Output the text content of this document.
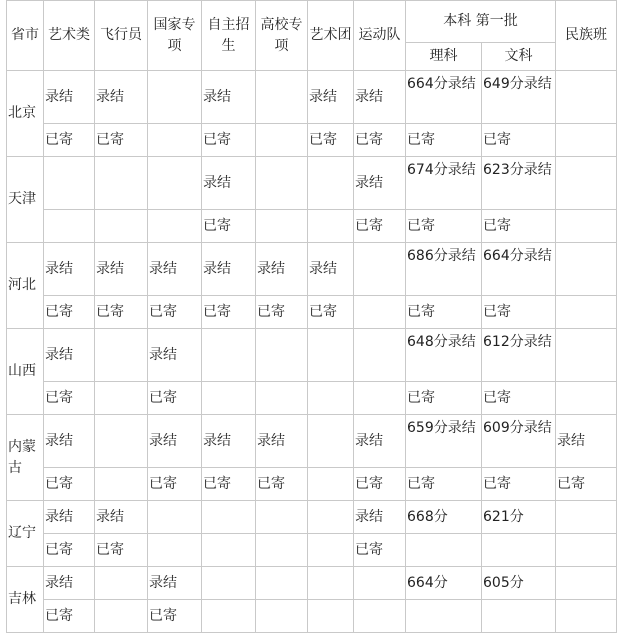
省市	艺术类	飞行员	国家专项	自主招生	高校专项	艺术团	运动队	本科 第一批		民族班
								理科	文科	
北京	录结	录结		录结		录结	录结	664分录结	649分录结	
	已寄	已寄		已寄		已寄	已寄	已寄	已寄	
天津				录结			录结	674分录结	623分录结	
				已寄			已寄	已寄	已寄	
河北	录结	录结	录结	录结	录结	录结		686分录结	664分录结	
	已寄	已寄	已寄	已寄	已寄	已寄		已寄	已寄	
山西	录结		录结					648分录结	612分录结	
	已寄		已寄					已寄	已寄	
内蒙古	录结		录结	录结	录结		录结	659分录结	609分录结	录结
	已寄		已寄	已寄	已寄		已寄	已寄	已寄	已寄
辽宁	录结	录结					录结	668分	621分	
	已寄	已寄					已寄			
吉林	录结		录结					664分	605分	
	已寄		已寄							
